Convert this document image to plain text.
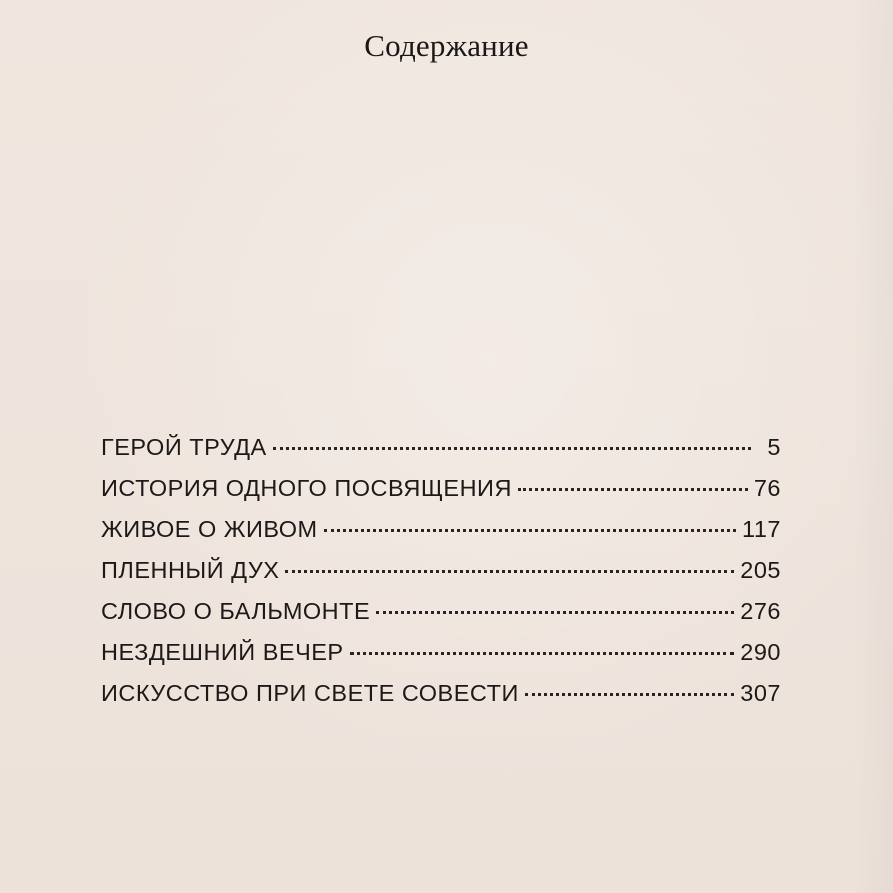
Содержание
ГЕРОЙ ТРУДА	5
ИСТОРИЯ ОДНОГО ПОСВЯЩЕНИЯ	76
ЖИВОЕ О ЖИВОМ	117
ПЛЕННЫЙ ДУХ	205
СЛОВО О БАЛЬМОНТЕ	276
НЕЗДЕШНИЙ ВЕЧЕР	290
ИСКУССТВО ПРИ СВЕТЕ СОВЕСТИ	307
